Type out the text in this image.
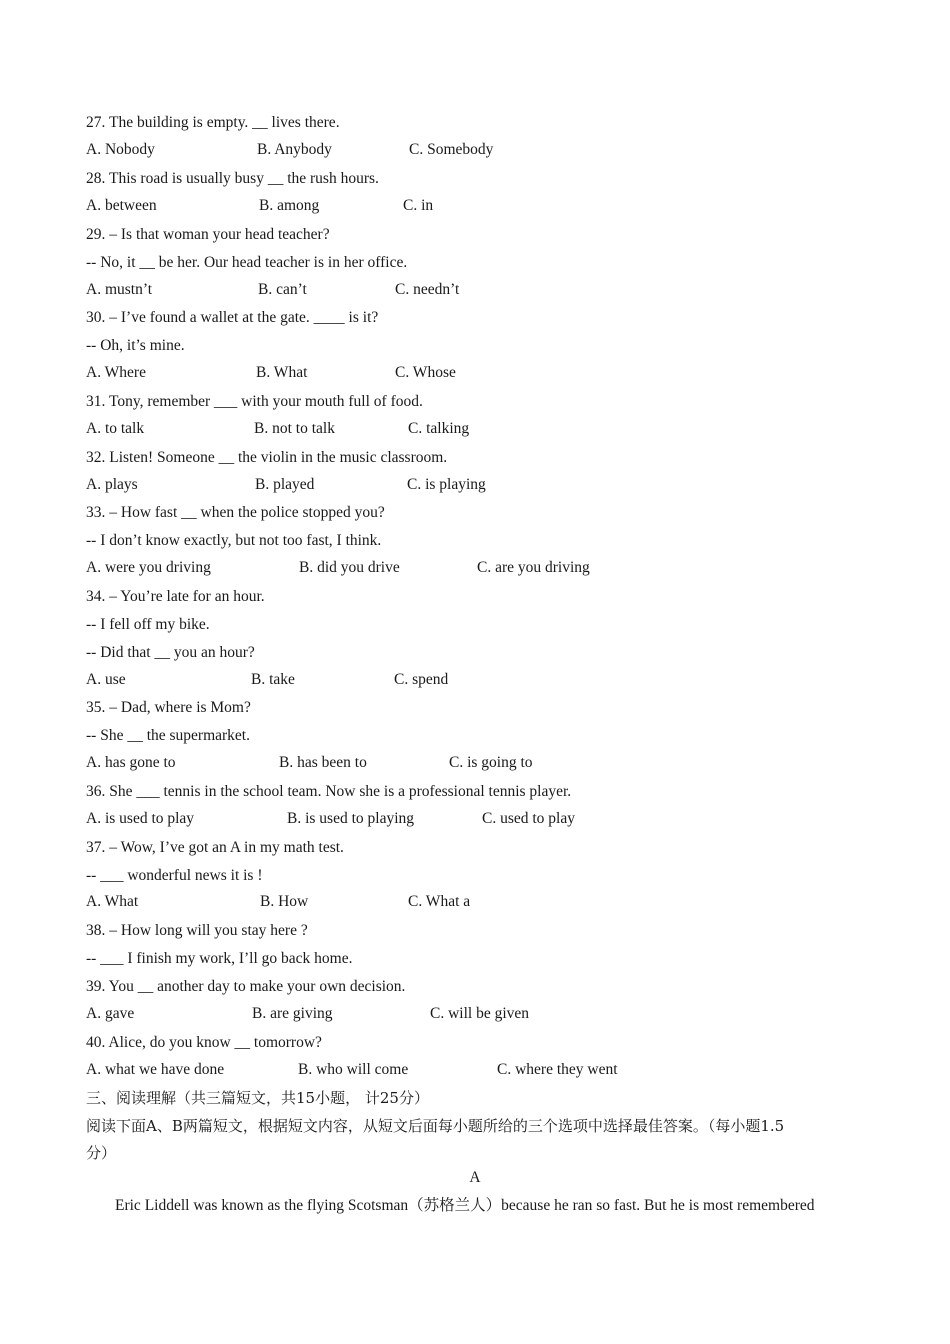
27. The building is empty. __ lives there.
A. Nobody	B. Anybody	C. Somebody
28. This road is usually busy __ the rush hours.
A. between	B. among	C. in
29. – Is that woman your head teacher?
-- No, it __ be her. Our head teacher is in her office.
A. mustn’t	B. can’t	C. needn’t
30. – I’ve found a wallet at the gate. ____ is it?
-- Oh, it’s mine.
A. Where	B. What	C. Whose
31. Tony, remember ___ with your mouth full of food.
A. to talk	B. not to talk	C. talking
32. Listen! Someone __ the violin in the music classroom.
A. plays	B. played	C. is playing
33. – How fast __ when the police stopped you?
-- I don’t know exactly, but not too fast, I think.
A. were you driving	B. did you drive	C. are you driving
34. – You’re late for an hour.
-- I fell off my bike.
-- Did that __ you an hour?
A. use	B. take	C. spend
35. – Dad, where is Mom?
-- She __ the supermarket.
A. has gone to	B. has been to	C. is going to
36. She ___ tennis in the school team. Now she is a professional tennis player.
A. is used to play	B. is used to playing	C. used to play
37. – Wow, I’ve got an A in my math test.
-- ___ wonderful news it is !
A. What	B. How	C. What a
38. – How long will you stay here ?
-- ___ I finish my work, I’ll go back home.
39. You __ another day to make your own decision.
A. gave	B. are giving	C. will be given
40. Alice, do you know __ tomorrow?
A. what we have done	B. who will come	C. where they went
三、阅读理解（共三篇短文，共15小题， 计25分）
阅读下面A、B两篇短文，根据短文内容，从短文后面每小题所给的三个选项中选择最佳答案。（每小题1.5
分）
A
Eric Liddell was known as the flying Scotsman（苏格兰人）because he ran so fast. But he is most remembered
